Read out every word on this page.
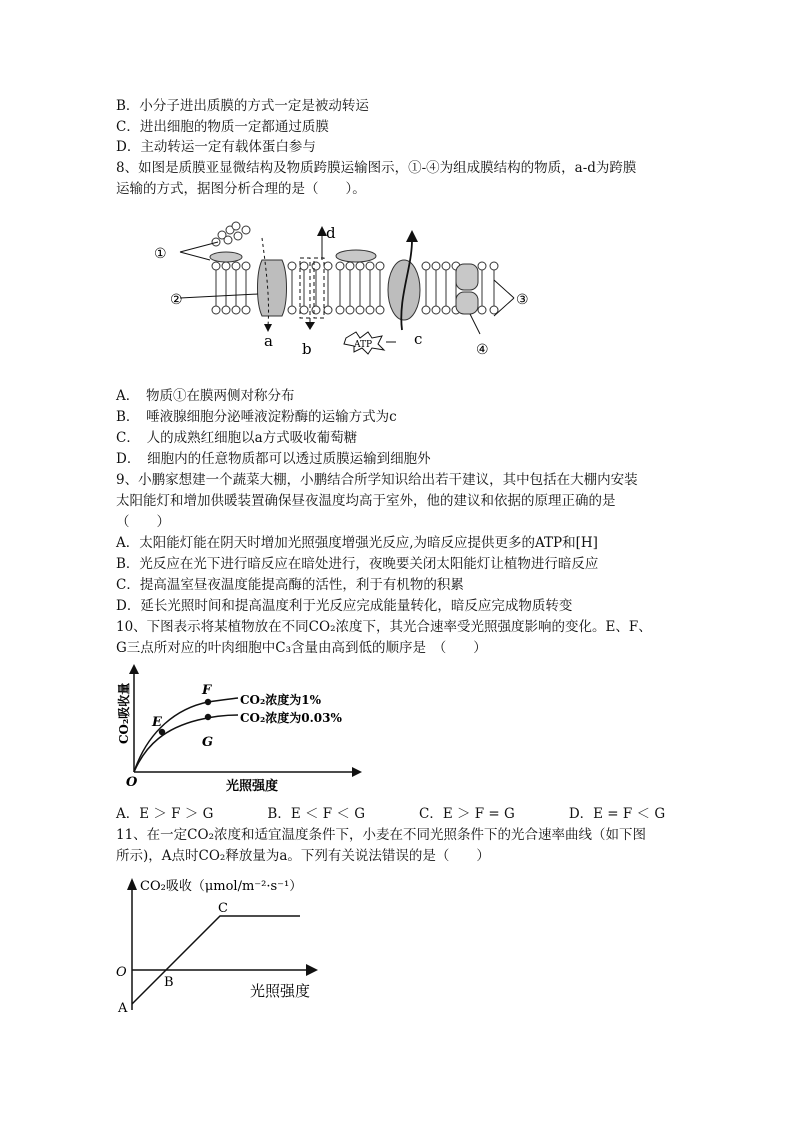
B．小分子进出质膜的方式一定是被动转运
C．进出细胞的物质一定都通过质膜
D．主动转运一定有载体蛋白参与
8、如图是质膜亚显微结构及物质跨膜运输图示，①-④为组成膜结构的物质，a-d为跨膜
运输的方式，据图分析合理的是（　　）。
①
②	③
④
a b
c
d
ATP
A．　物质①在膜两侧对称分布
B．　唾液腺细胞分泌唾液淀粉酶的运输方式为c
C．　人的成熟红细胞以a方式吸收葡萄糖
D．　细胞内的任意物质都可以透过质膜运输到细胞外
9、小鹏家想建一个蔬菜大棚，小鹏结合所学知识给出若干建议，其中包括在大棚内安装
太阳能灯和增加供暖装置确保昼夜温度均高于室外，他的建议和依据的原理正确的是
（　　）
A．太阳能灯能在阴天时增加光照强度增强光反应,为暗反应提供更多的ATP和[H]
B．光反应在光下进行暗反应在暗处进行，夜晚要关闭太阳能灯让植物进行暗反应
C．提高温室昼夜温度能提高酶的活性，利于有机物的积累
D．延长光照时间和提高温度利于光反应完成能量转化，暗反应完成物质转变
10、下图表示将某植物放在不同CO₂浓度下，其光合速率受光照强度影响的变化。E、F、
G三点所对应的叶肉细胞中C₃含量由高到低的顺序是　（　　）
E
F
G
CO₂浓度为1%
CO₂浓度为0.03%
O	光照强度
CO₂吸收量
A．E ＞ F ＞ G　　　　B．E ＜ F ＜ G　　　　C．E ＞ F = G　　　　D．E = F ＜ G
11、在一定CO₂浓度和适宜温度条件下，小麦在不同光照条件下的光合速率曲线（如下图
所示)，A点时CO₂释放量为a。下列有关说法错误的是（　　）
CO₂吸收（μmol/m⁻²·s⁻¹）
光照强度
O
A
B
C
